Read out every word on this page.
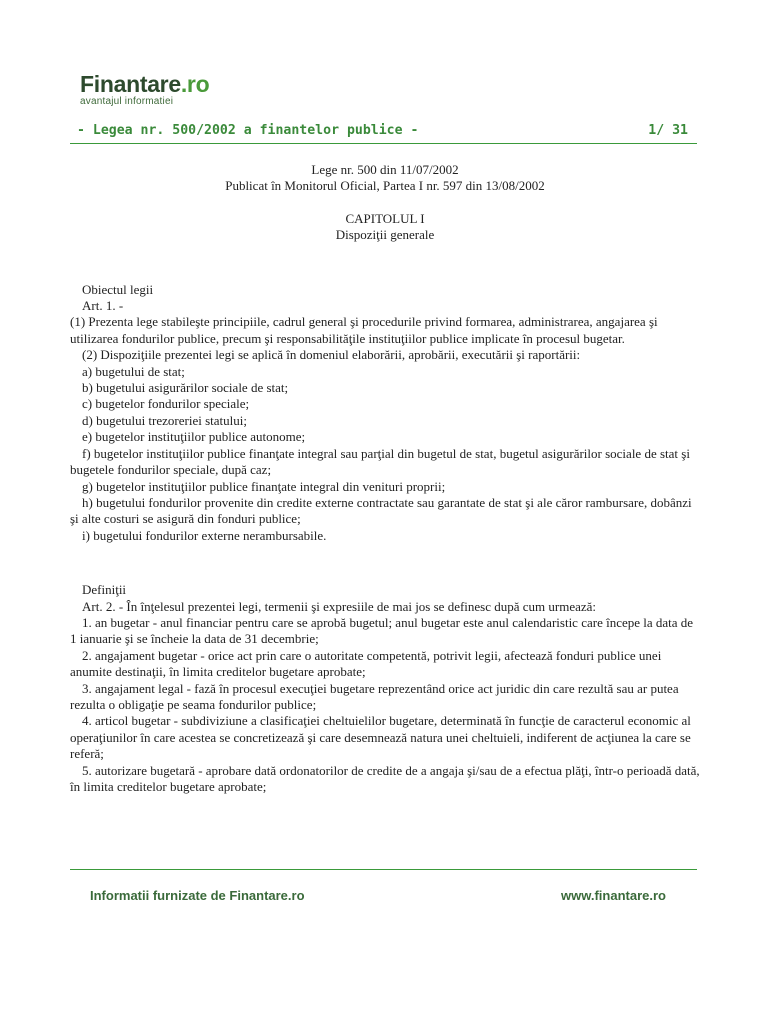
Finantare.ro
avantajul informatiei
- Legea nr. 500/2002 a finantelor publice -	1/ 31
Lege nr. 500 din 11/07/2002
Publicat în Monitorul Oficial, Partea I nr. 597 din 13/08/2002
CAPITOLUL I
Dispoziţii generale
Obiectul legii
Art. 1. -
(1) Prezenta lege stabileşte principiile, cadrul general şi procedurile privind formarea, administrarea, angajarea şi utilizarea fondurilor publice, precum şi responsabilităţile instituţiilor publice implicate în procesul bugetar.
(2) Dispoziţiile prezentei legi se aplică în domeniul elaborării, aprobării, executării şi raportării:
a) bugetului de stat;
b) bugetului asigurărilor sociale de stat;
c) bugetelor fondurilor speciale;
d) bugetului trezoreriei statului;
e) bugetelor instituţiilor publice autonome;
f) bugetelor instituţiilor publice finanţate integral sau parţial din bugetul de stat, bugetul asigurărilor sociale de stat şi bugetele fondurilor speciale, după caz;
g) bugetelor instituţiilor publice finanţate integral din venituri proprii;
h) bugetului fondurilor provenite din credite externe contractate sau garantate de stat şi ale căror rambursare, dobânzi şi alte costuri se asigură din fonduri publice;
i) bugetului fondurilor externe nerambursabile.
Definiţii
Art. 2. - În înţelesul prezentei legi, termenii şi expresiile de mai jos se definesc după cum urmează:
1. an bugetar - anul financiar pentru care se aprobă bugetul; anul bugetar este anul calendaristic care începe la data de 1 ianuarie şi se încheie la data de 31 decembrie;
2. angajament bugetar - orice act prin care o autoritate competentă, potrivit legii, afectează fonduri publice unei anumite destinaţii, în limita creditelor bugetare aprobate;
3. angajament legal - fază în procesul execuţiei bugetare reprezentând orice act juridic din care rezultă sau ar putea rezulta o obligaţie pe seama fondurilor publice;
4. articol bugetar - subdiviziune a clasificaţiei cheltuielilor bugetare, determinată în funcţie de caracterul economic al operaţiunilor în care acestea se concretizează şi care desemnează natura unei cheltuieli, indiferent de acţiunea la care se referă;
5. autorizare bugetară - aprobare dată ordonatorilor de credite de a angaja şi/sau de a efectua plăţi, într-o perioadă dată, în limita creditelor bugetare aprobate;
Informatii furnizate de Finantare.ro	www.finantare.ro
